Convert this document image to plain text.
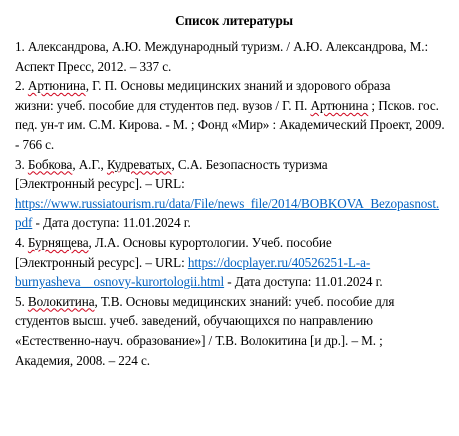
Список литературы
1. Александрова, А.Ю. Международный туризм. / А.Ю. Александрова, М.:
Аспект Пресс, 2012. – 337 с.
2. Артюнина, Г. П. Основы медицинских знаний и здорового образа
жизни: учеб. пособие для студентов пед. вузов / Г. П. Артюнина ; Псков. гос.
пед. ун-т им. С.М. Кирова. - М. ; Фонд «Мир» : Академический Проект, 2009.
- 766 с.
3. Бобкова, А.Г., Кудреватых, С.А. Безопасность туризма
[Электронный ресурс]. – URL:
https://www.russiatourism.ru/data/File/news_file/2014/BOBKOVA_Bezopasnost.
pdf - Дата доступа: 11.01.2024 г.
4. Бурнящева, Л.А. Основы курортологии. Учеб. пособие
[Электронный ресурс]. – URL: https://docplayer.ru/40526251-L-a-
burnyasheva__osnovy-kurortologii.html - Дата доступа: 11.01.2024 г.
5. Волокитина, Т.В. Основы медицинских знаний: учеб. пособие для
студентов высш. учеб. заведений, обучающихся по направлению
«Естественно-науч. образование»] / Т.В. Волокитина [и др.]. – М. ;
Академия, 2008. – 224 с.
